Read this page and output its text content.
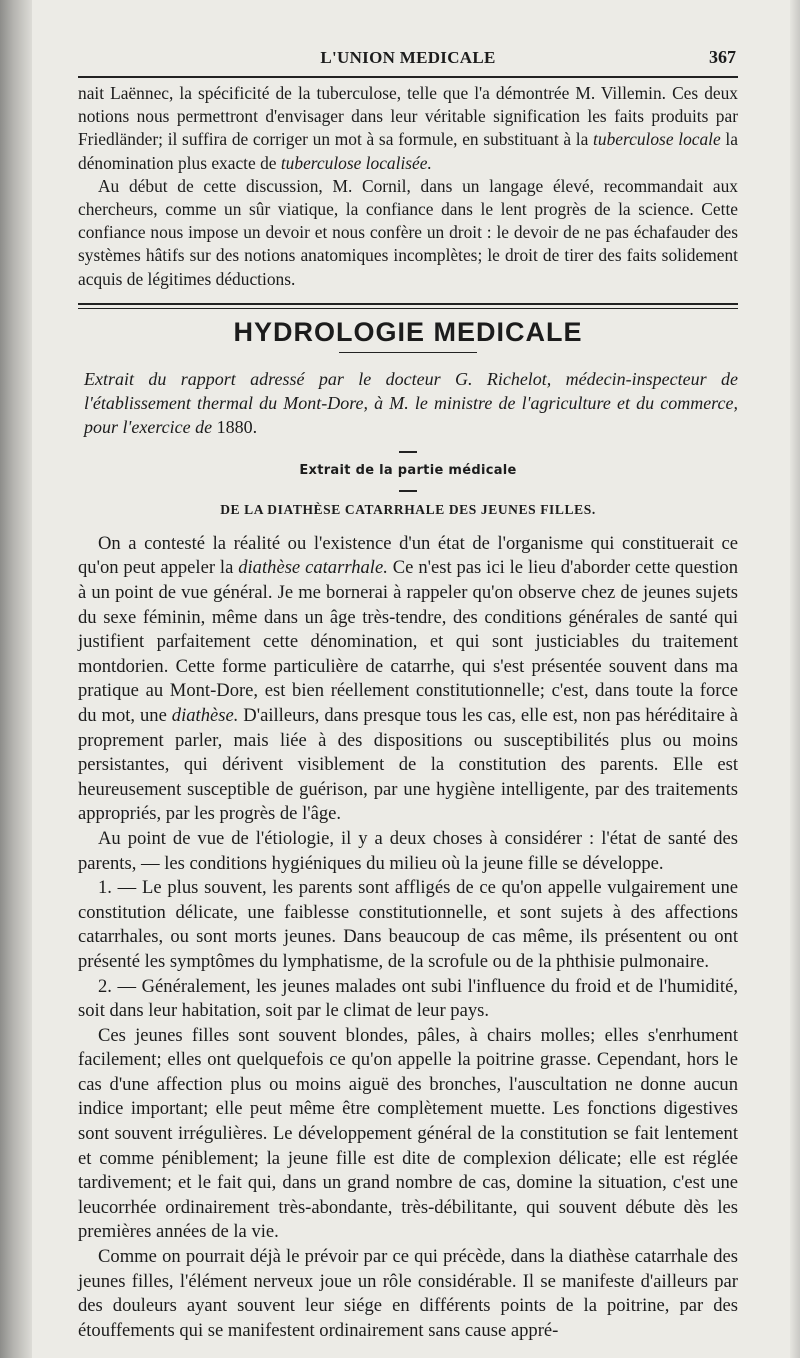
L'UNION MEDICALE	367

nait Laënnec, la spécificité de la tuberculose, telle que l'a démontrée M. Villemin. Ces deux notions nous permettront d'envisager dans leur véritable signification les faits produits par Friedländer; il suffira de corriger un mot à sa formule, en substituant à la tuberculose locale la dénomination plus exacte de tuberculose localisée.

Au début de cette discussion, M. Cornil, dans un langage élevé, recommandait aux chercheurs, comme un sûr viatique, la confiance dans le lent progrès de la science. Cette confiance nous impose un devoir et nous confère un droit : le devoir de ne pas échafauder des systèmes hâtifs sur des notions anatomiques incomplètes; le droit de tirer des faits solidement acquis de légitimes déductions.

HYDROLOGIE MEDICALE

Extrait du rapport adressé par le docteur G. Richelot, médecin-inspecteur de l'établissement thermal du Mont-Dore, à M. le ministre de l'agriculture et du commerce, pour l'exercice de 1880.

Extrait de la partie médicale
DE LA DIATHÈSE CATARRHALE DES JEUNES FILLES.

On a contesté la réalité ou l'existence d'un état de l'organisme qui constituerait ce qu'on peut appeler la diathèse catarrhale. Ce n'est pas ici le lieu d'aborder cette question à un point de vue général. Je me bornerai à rappeler qu'on observe chez de jeunes sujets du sexe féminin, même dans un âge très-tendre, des conditions générales de santé qui justifient parfaitement cette dénomination, et qui sont justiciables du traitement montdorien. Cette forme particulière de catarrhe, qui s'est présentée souvent dans ma pratique au Mont-Dore, est bien réellement constitutionnelle; c'est, dans toute la force du mot, une diathèse. D'ailleurs, dans presque tous les cas, elle est, non pas héréditaire à proprement parler, mais liée à des dispositions ou susceptibilités plus ou moins persistantes, qui dérivent visiblement de la constitution des parents. Elle est heureusement susceptible de guérison, par une hygiène intelligente, par des traitements appropriés, par les progrès de l'âge.

Au point de vue de l'étiologie, il y a deux choses à considérer : l'état de santé des parents, — les conditions hygiéniques du milieu où la jeune fille se développe.

1. — Le plus souvent, les parents sont affligés de ce qu'on appelle vulgairement une constitution délicate, une faiblesse constitutionnelle, et sont sujets à des affections catarrhales, ou sont morts jeunes. Dans beaucoup de cas même, ils présentent ou ont présenté les symptômes du lymphatisme, de la scrofule ou de la phthisie pulmonaire.

2. — Généralement, les jeunes malades ont subi l'influence du froid et de l'humidité, soit dans leur habitation, soit par le climat de leur pays.

Ces jeunes filles sont souvent blondes, pâles, à chairs molles; elles s'enrhument facilement; elles ont quelquefois ce qu'on appelle la poitrine grasse. Cependant, hors le cas d'une affection plus ou moins aiguë des bronches, l'auscultation ne donne aucun indice important; elle peut même être complètement muette. Les fonctions digestives sont souvent irrégulières. Le développement général de la constitution se fait lentement et comme péniblement; la jeune fille est dite de complexion délicate; elle est réglée tardivement; et le fait qui, dans un grand nombre de cas, domine la situation, c'est une leucorrhée ordinairement très-abondante, très-débilitante, qui souvent débute dès les premières années de la vie.

Comme on pourrait déjà le prévoir par ce qui précède, dans la diathèse catarrhale des jeunes filles, l'élément nerveux joue un rôle considérable. Il se manifeste d'ailleurs par des douleurs ayant souvent leur siége en différents points de la poitrine, par des étouffements qui se manifestent ordinairement sans cause appré-
